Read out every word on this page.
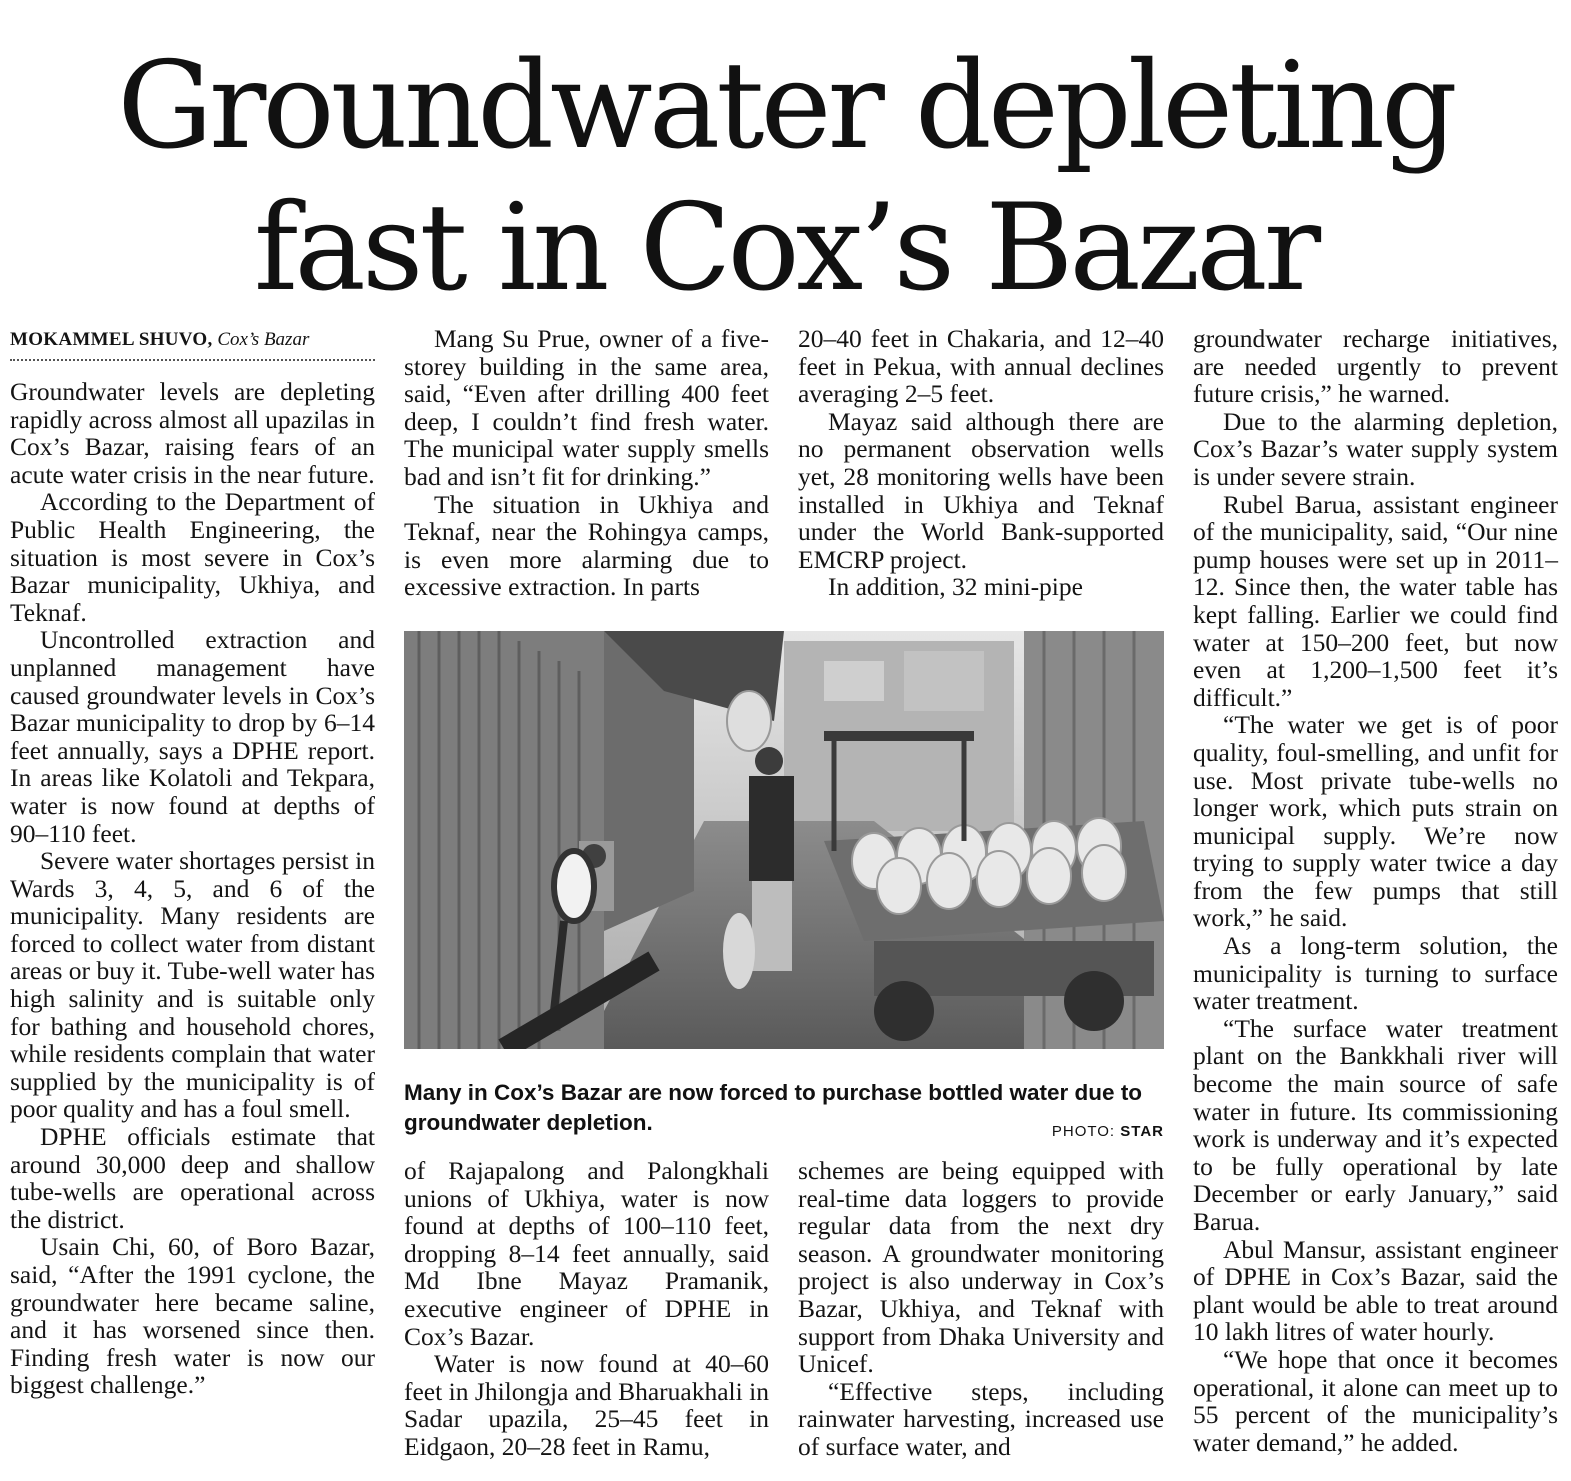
Groundwater depleting
fast in Cox’s Bazar
MOKAMMEL SHUVO, Cox’s Bazar

Groundwater levels are depleting rapidly across almost all upazilas in Cox’s Bazar, raising fears of an acute water crisis in the near future.

According to the Department of Public Health Engineering, the situation is most severe in Cox’s Bazar municipality, Ukhiya, and Teknaf.

Uncontrolled extraction and unplanned management have caused groundwater levels in Cox’s Bazar municipality to drop by 6–14 feet annually, says a DPHE report. In areas like Kolatoli and Tekpara, water is now found at depths of 90–110 feet.

Severe water shortages persist in Wards 3, 4, 5, and 6 of the municipality. Many residents are forced to collect water from distant areas or buy it. Tube-well water has high salinity and is suitable only for bathing and household chores, while residents complain that water supplied by the municipality is of poor quality and has a foul smell.

DPHE officials estimate that around 30,000 deep and shallow tube-wells are operational across the district.

Usain Chi, 60, of Boro Bazar, said, “After the 1991 cyclone, the groundwater here became saline, and it has worsened since then. Finding fresh water is now our biggest challenge.”

Mang Su Prue, owner of a five-storey building in the same area, said, “Even after drilling 400 feet deep, I couldn’t find fresh water. The municipal water supply smells bad and isn’t fit for drinking.”

The situation in Ukhiya and Teknaf, near the Rohingya camps, is even more alarming due to excessive extraction. In parts

20–40 feet in Chakaria, and 12–40 feet in Pekua, with annual declines averaging 2–5 feet.

Mayaz said although there are no permanent observation wells yet, 28 monitoring wells have been installed in Ukhiya and Teknaf under the World Bank-supported EMCRP project.

In addition, 32 mini-pipe

Many in Cox’s Bazar are now forced to purchase bottled water due to groundwater depletion.	PHOTO: STAR

of Rajapalong and Palongkhali unions of Ukhiya, water is now found at depths of 100–110 feet, dropping 8–14 feet annually, said Md Ibne Mayaz Pramanik, executive engineer of DPHE in Cox’s Bazar.

Water is now found at 40–60 feet in Jhilongja and Bharuakhali in Sadar upazila, 25–45 feet in Eidgaon, 20–28 feet in Ramu,

schemes are being equipped with real-time data loggers to provide regular data from the next dry season. A groundwater monitoring project is also underway in Cox’s Bazar, Ukhiya, and Teknaf with support from Dhaka University and Unicef.

“Effective steps, including rainwater harvesting, increased use of surface water, and

groundwater recharge initiatives, are needed urgently to prevent future crisis,” he warned.

Due to the alarming depletion, Cox’s Bazar’s water supply system is under severe strain.

Rubel Barua, assistant engineer of the municipality, said, “Our nine pump houses were set up in 2011–12. Since then, the water table has kept falling. Earlier we could find water at 150–200 feet, but now even at 1,200–1,500 feet it’s difficult.”

“The water we get is of poor quality, foul-smelling, and unfit for use. Most private tube-wells no longer work, which puts strain on municipal supply. We’re now trying to supply water twice a day from the few pumps that still work,” he said.

As a long-term solution, the municipality is turning to surface water treatment.

“The surface water treatment plant on the Bankkhali river will become the main source of safe water in future. Its commissioning work is underway and it’s expected to be fully operational by late December or early January,” said Barua.

Abul Mansur, assistant engineer of DPHE in Cox’s Bazar, said the plant would be able to treat around 10 lakh litres of water hourly.

“We hope that once it becomes operational, it alone can meet up to 55 percent of the municipality’s water demand,” he added.
